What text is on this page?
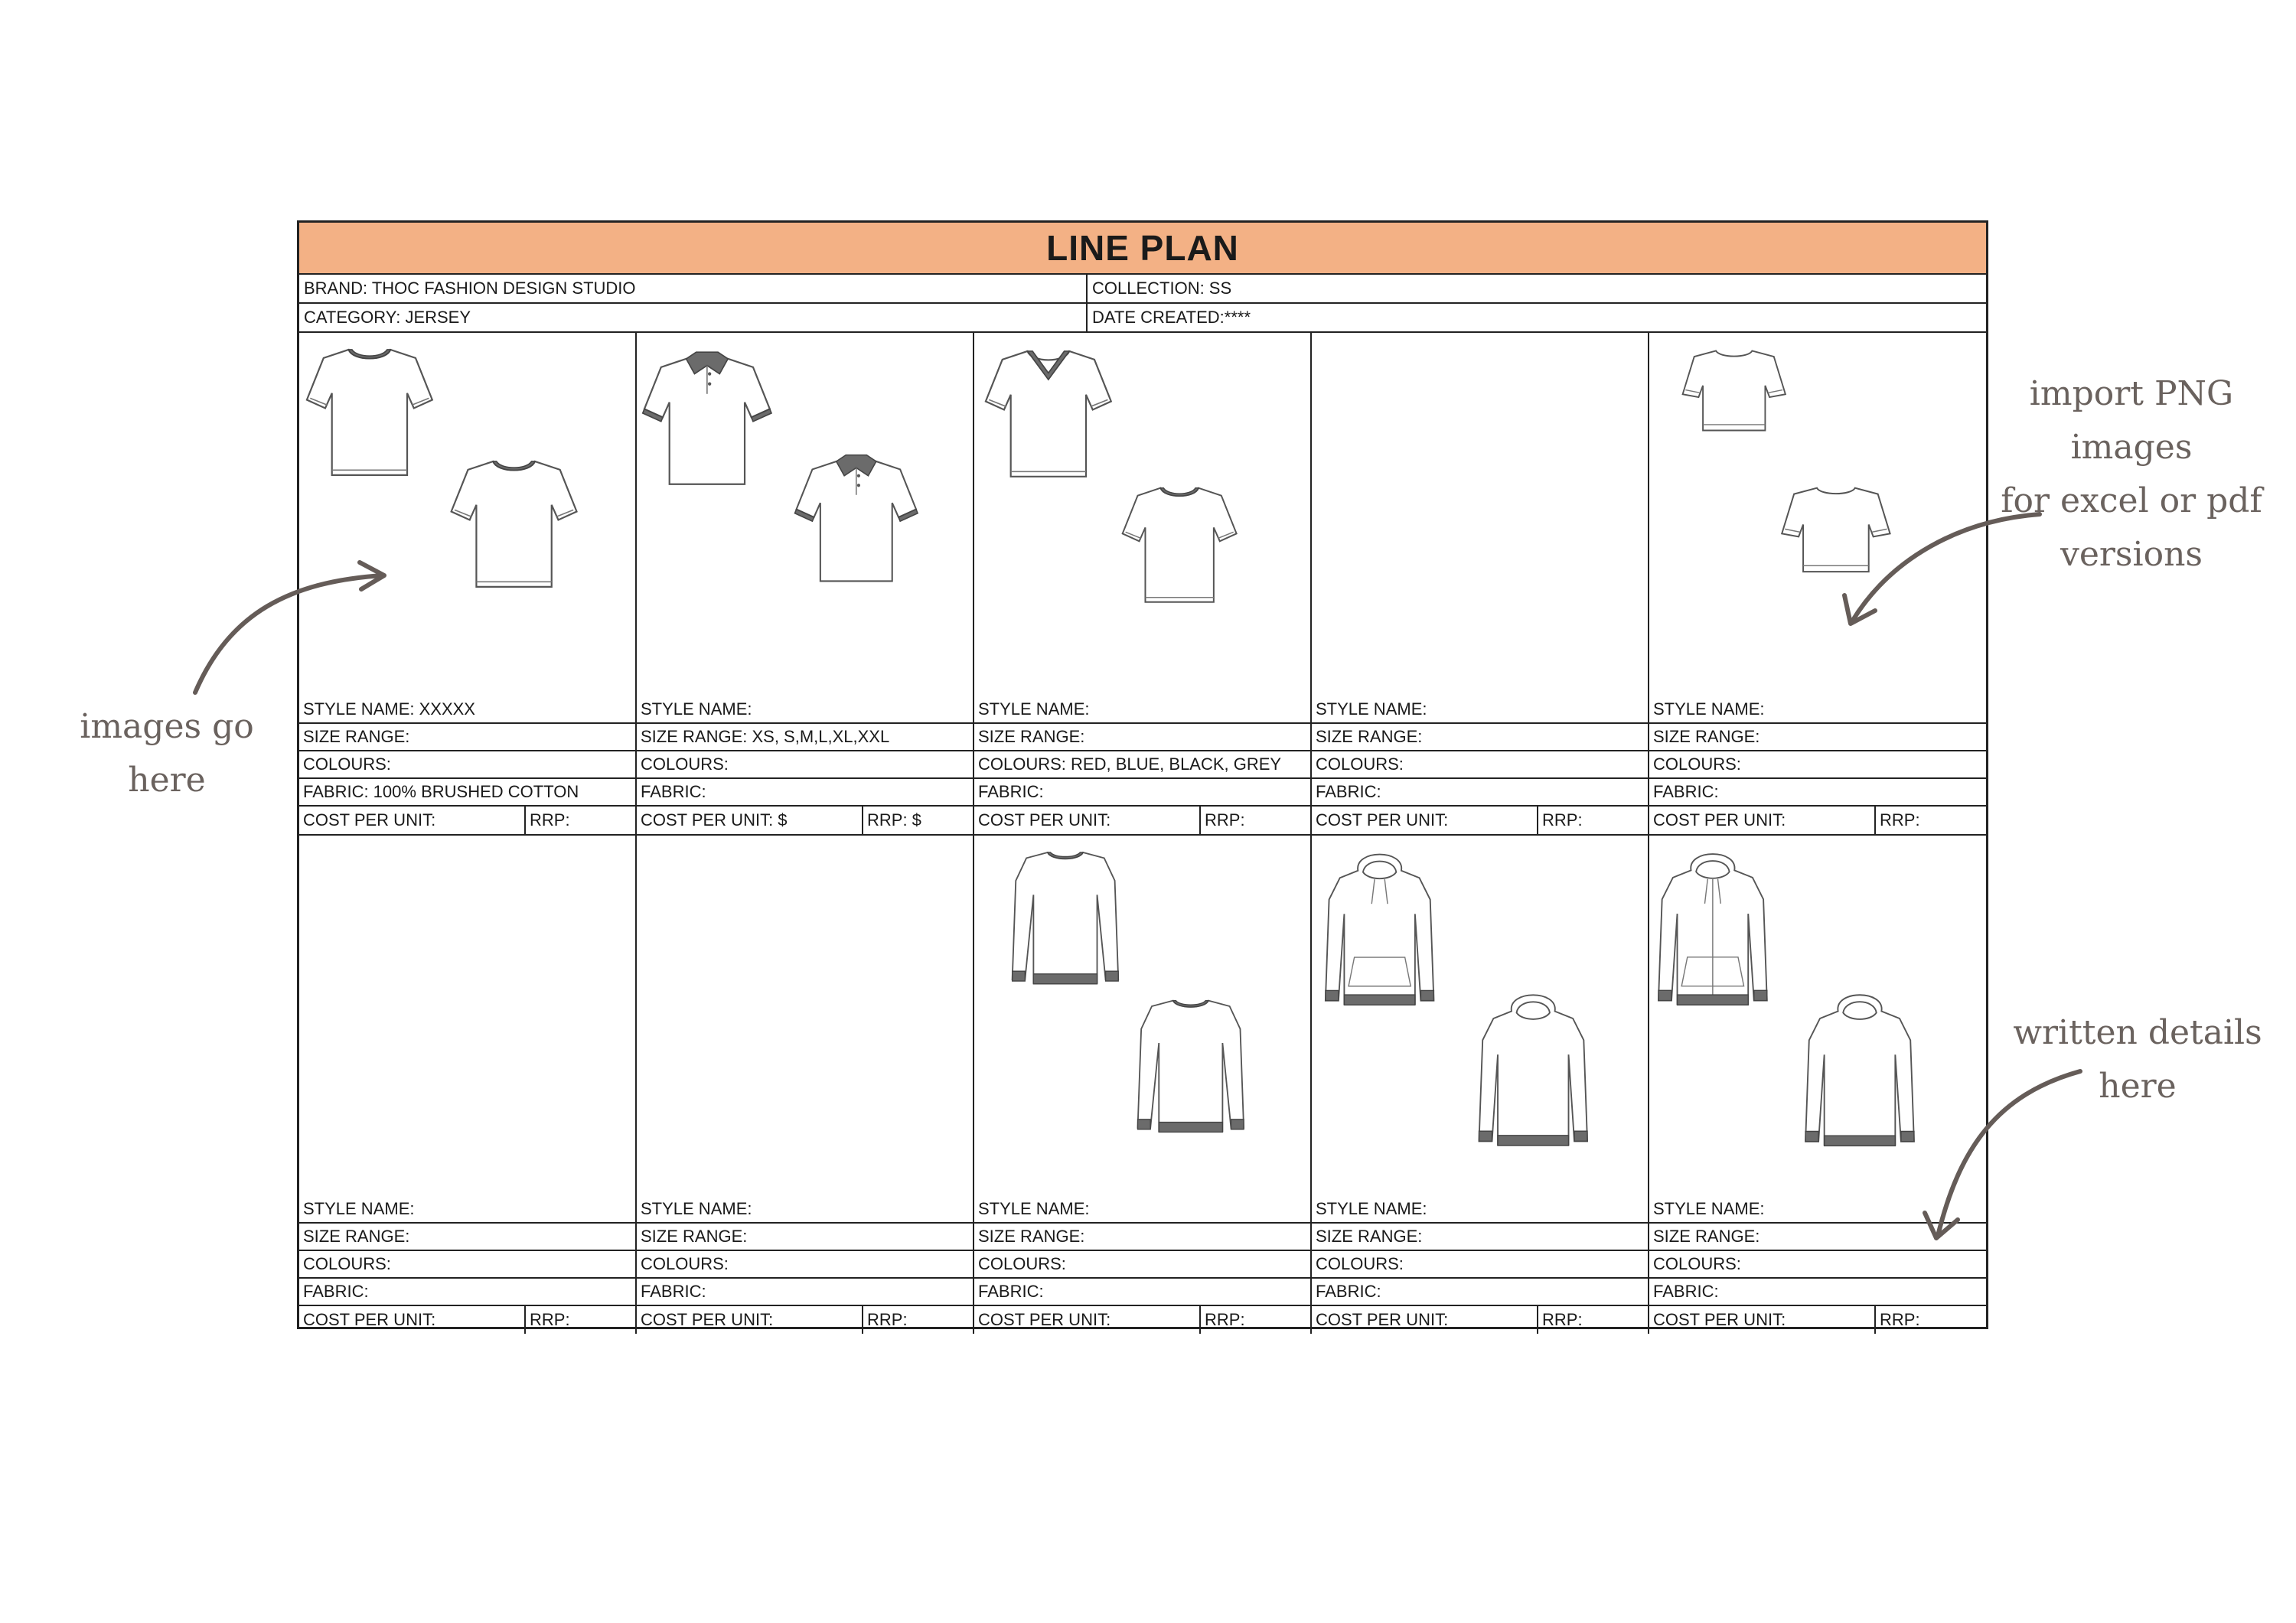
LINE PLAN
BRAND: THOC FASHION DESIGN STUDIO	COLLECTION: SS
CATEGORY: JERSEY	DATE CREATED:****
STYLE NAME: XXXXX
SIZE RANGE:
COLOURS:
FABRIC: 100% BRUSHED COTTON
COST PER UNIT:	RRP:
STYLE NAME:
SIZE RANGE: XS, S,M,L,XL,XXL
COLOURS:
FABRIC:
COST PER UNIT: $	RRP: $
STYLE NAME:
SIZE RANGE:
COLOURS: RED, BLUE, BLACK, GREY
FABRIC:
COST PER UNIT:	RRP:
STYLE NAME:
SIZE RANGE:
COLOURS:
FABRIC:
COST PER UNIT:	RRP:
STYLE NAME:
SIZE RANGE:
COLOURS:
FABRIC:
COST PER UNIT:	RRP:
STYLE NAME:
SIZE RANGE:
COLOURS:
FABRIC:
COST PER UNIT:	RRP:
STYLE NAME:
SIZE RANGE:
COLOURS:
FABRIC:
COST PER UNIT:	RRP:
STYLE NAME:
SIZE RANGE:
COLOURS:
FABRIC:
COST PER UNIT:	RRP:
STYLE NAME:
SIZE RANGE:
COLOURS:
FABRIC:
COST PER UNIT:	RRP:
STYLE NAME:
SIZE RANGE:
COLOURS:
FABRIC:
COST PER UNIT:	RRP:
images go here
import PNG images
for excel or pdf
versions
written details here
